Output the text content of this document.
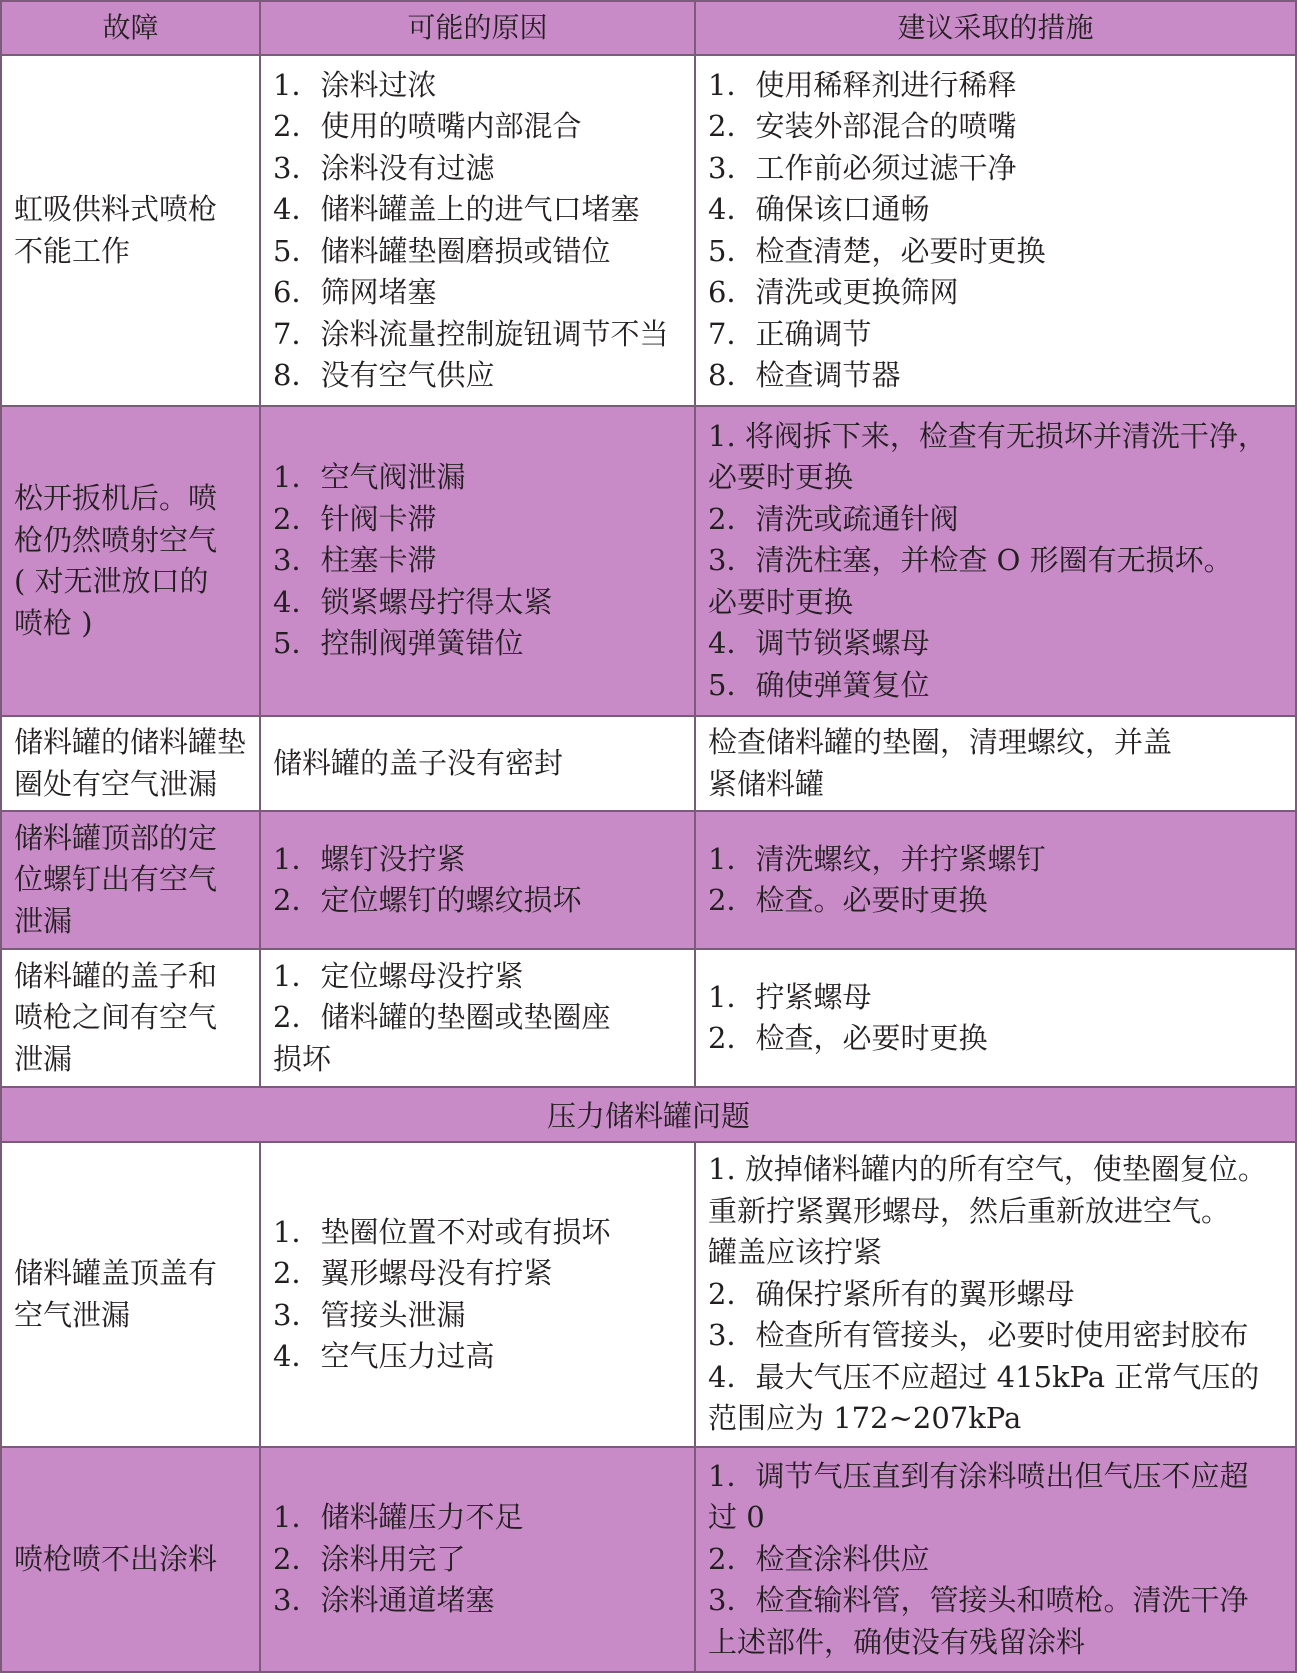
故障	可能的原因	建议采取的措施
虹吸供料式喷枪
不能工作
1．涂料过浓
2．使用的喷嘴内部混合
3．涂料没有过滤
4．储料罐盖上的进气口堵塞
5．储料罐垫圈磨损或错位
6．筛网堵塞
7．涂料流量控制旋钮调节不当
8．没有空气供应
1．使用稀释剂进行稀释
2．安装外部混合的喷嘴
3．工作前必须过滤干净
4．确保该口通畅
5．检查清楚，必要时更换
6．清洗或更换筛网
7．正确调节
8．检查调节器
松开扳机后。喷
枪仍然喷射空气
( 对无泄放口的
喷枪 )
1．空气阀泄漏
2．针阀卡滞
3．柱塞卡滞
4．锁紧螺母拧得太紧
5．控制阀弹簧错位
1. 将阀拆下来，检查有无损坏并清洗干净，
必要时更换
2．清洗或疏通针阀
3．清洗柱塞，并检查 O 形圈有无损坏。
必要时更换
4．调节锁紧螺母
5．确使弹簧复位
储料罐的储料罐垫
圈处有空气泄漏
储料罐的盖子没有密封
检查储料罐的垫圈，清理螺纹，并盖
紧储料罐
储料罐顶部的定
位螺钉出有空气
泄漏
1．螺钉没拧紧
2．定位螺钉的螺纹损坏
1．清洗螺纹，并拧紧螺钉
2．检查。必要时更换
储料罐的盖子和
喷枪之间有空气
泄漏
1．定位螺母没拧紧
2．储料罐的垫圈或垫圈座
损坏
1．拧紧螺母
2．检查，必要时更换
压力储料罐问题
储料罐盖顶盖有
空气泄漏
1．垫圈位置不对或有损坏
2．翼形螺母没有拧紧
3．管接头泄漏
4．空气压力过高
1. 放掉储料罐内的所有空气，使垫圈复位。
重新拧紧翼形螺母，然后重新放进空气。
罐盖应该拧紧
2．确保拧紧所有的翼形螺母
3．检查所有管接头，必要时使用密封胶布
4．最大气压不应超过 415kPa 正常气压的
范围应为 172~207kPa
喷枪喷不出涂料
1．储料罐压力不足
2．涂料用完了
3．涂料通道堵塞
1．调节气压直到有涂料喷出但气压不应超
过 0
2．检查涂料供应
3．检查输料管，管接头和喷枪。清洗干净
上述部件，确使没有残留涂料
